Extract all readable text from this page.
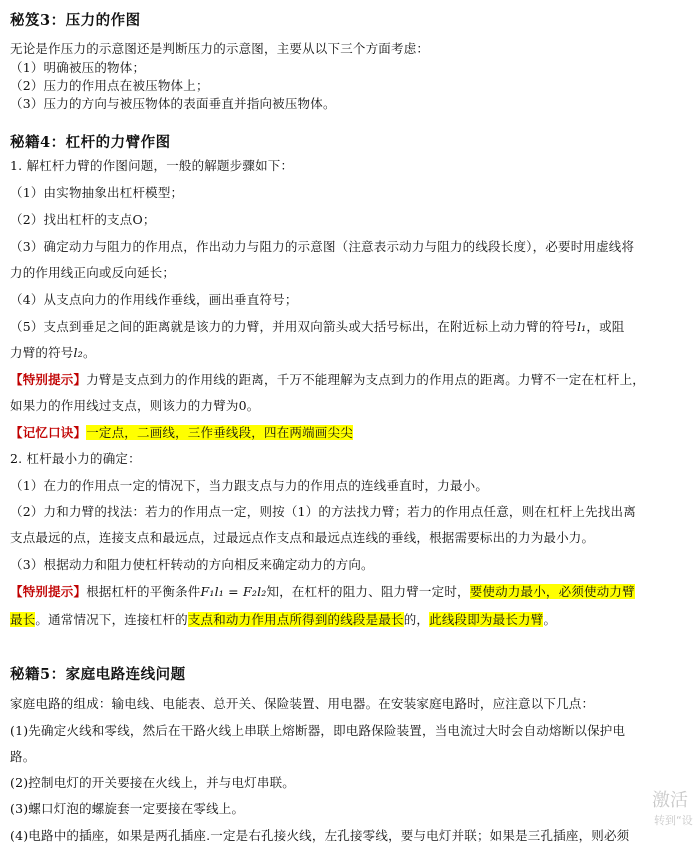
秘笈3：压力的作图
无论是作压力的示意图还是判断压力的示意图，主要从以下三个方面考虑：
（1）明确被压的物体；
（2）压力的作用点在被压物体上；
（3）压力的方向与被压物体的表面垂直并指向被压物体。
秘籍4：杠杆的力臂作图
1. 解杠杆力臂的作图问题，一般的解题步骤如下：
（1）由实物抽象出杠杆模型；
（2）找出杠杆的支点O；
（3）确定动力与阻力的作用点，作出动力与阻力的示意图（注意表示动力与阻力的线段长度），必要时用虚线将
力的作用线正向或反向延长；
（4）从支点向力的作用线作垂线，画出垂直符号；
（5）支点到垂足之间的距离就是该力的力臂，并用双向箭头或大括号标出，在附近标上动力臂的符号l₁，或阻
力臂的符号l₂。
【特别提示】力臂是支点到力的作用线的距离，千万不能理解为支点到力的作用点的距离。力臂不一定在杠杆上，
如果力的作用线过支点，则该力的力臂为0。
【记忆口诀】一定点，二画线，三作垂线段，四在两端画尖尖
2. 杠杆最小力的确定：
（1）在力的作用点一定的情况下，当力跟支点与力的作用点的连线垂直时，力最小。
（2）力和力臂的找法：若力的作用点一定，则按（1）的方法找力臂；若力的作用点任意，则在杠杆上先找出离
支点最远的点，连接支点和最远点，过最远点作支点和最远点连线的垂线，根据需要标出的力为最小力。
（3）根据动力和阻力使杠杆转动的方向相反来确定动力的方向。
【特别提示】根据杠杆的平衡条件F₁l₁ = F₂l₂知，在杠杆的阻力、阻力臂一定时，要使动力最小，必须使动力臂
最长。通常情况下，连接杠杆的支点和动力作用点所得到的线段是最长的，此线段即为最长力臂。
秘籍5：家庭电路连线问题
家庭电路的组成：输电线、电能表、总开关、保险装置、用电器。在安装家庭电路时，应注意以下几点：
(1)先确定火线和零线，然后在干路火线上串联上熔断器，即电路保险装置，当电流过大时会自动熔断以保护电
路。
(2)控制电灯的开关要接在火线上，并与电灯串联。
(3)螺口灯泡的螺旋套一定要接在零线上。
(4)电路中的插座，如果是两孔插座.一定是右孔接火线，左孔接零线，要与电灯并联；如果是三孔插座，则必须
激活
转到“设
